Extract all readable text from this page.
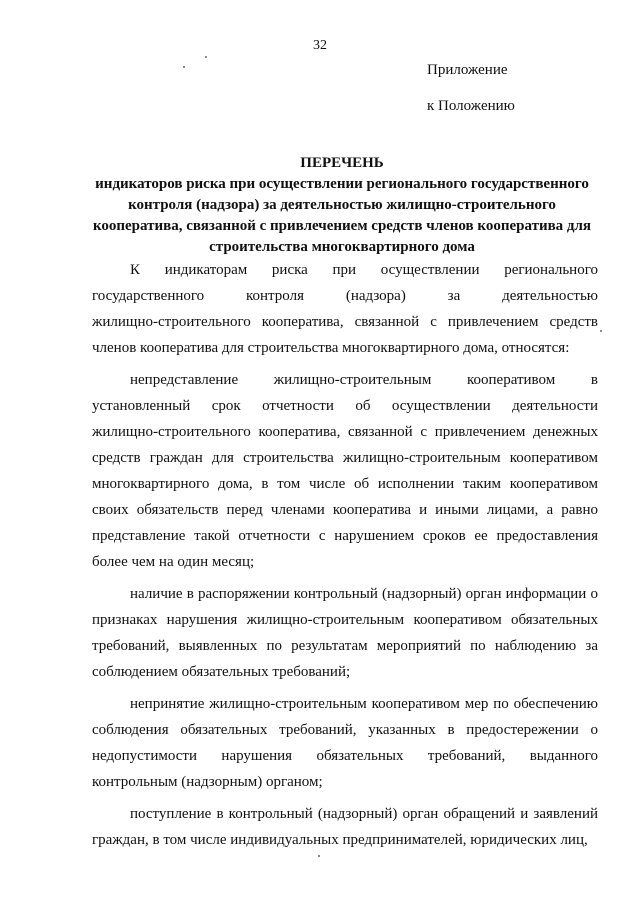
32
Приложение
к Положению
ПЕРЕЧЕНЬ
индикаторов риска при осуществлении регионального государственного
контроля (надзора) за деятельностью жилищно-строительного
кооператива, связанной с привлечением средств членов кооператива для
строительства многоквартирного дома
К индикаторам риска при осуществлении регионального
государственного контроля (надзора) за деятельностью
жилищно-строительного кооператива, связанной с привлечением средств
членов кооператива для строительства многоквартирного дома, относятся:
непредставление жилищно-строительным кооперативом в
установленный срок отчетности об осуществлении деятельности
жилищно-строительного кооператива, связанной с привлечением денежных
средств граждан для строительства жилищно-строительным кооперативом
многоквартирного дома, в том числе об исполнении таким кооперативом
своих обязательств перед членами кооператива и иными лицами, а равно
представление такой отчетности с нарушением сроков ее предоставления
более чем на один месяц;
наличие в распоряжении контрольный (надзорный) орган информации о
признаках нарушения жилищно-строительным кооперативом обязательных
требований, выявленных по результатам мероприятий по наблюдению за
соблюдением обязательных требований;
непринятие жилищно-строительным кооперативом мер по обеспечению
соблюдения обязательных требований, указанных в предостережении о
недопустимости нарушения обязательных требований, выданного
контрольным (надзорным) органом;
поступление в контрольный (надзорный) орган обращений и заявлений
граждан, в том числе индивидуальных предпринимателей, юридических лиц,
